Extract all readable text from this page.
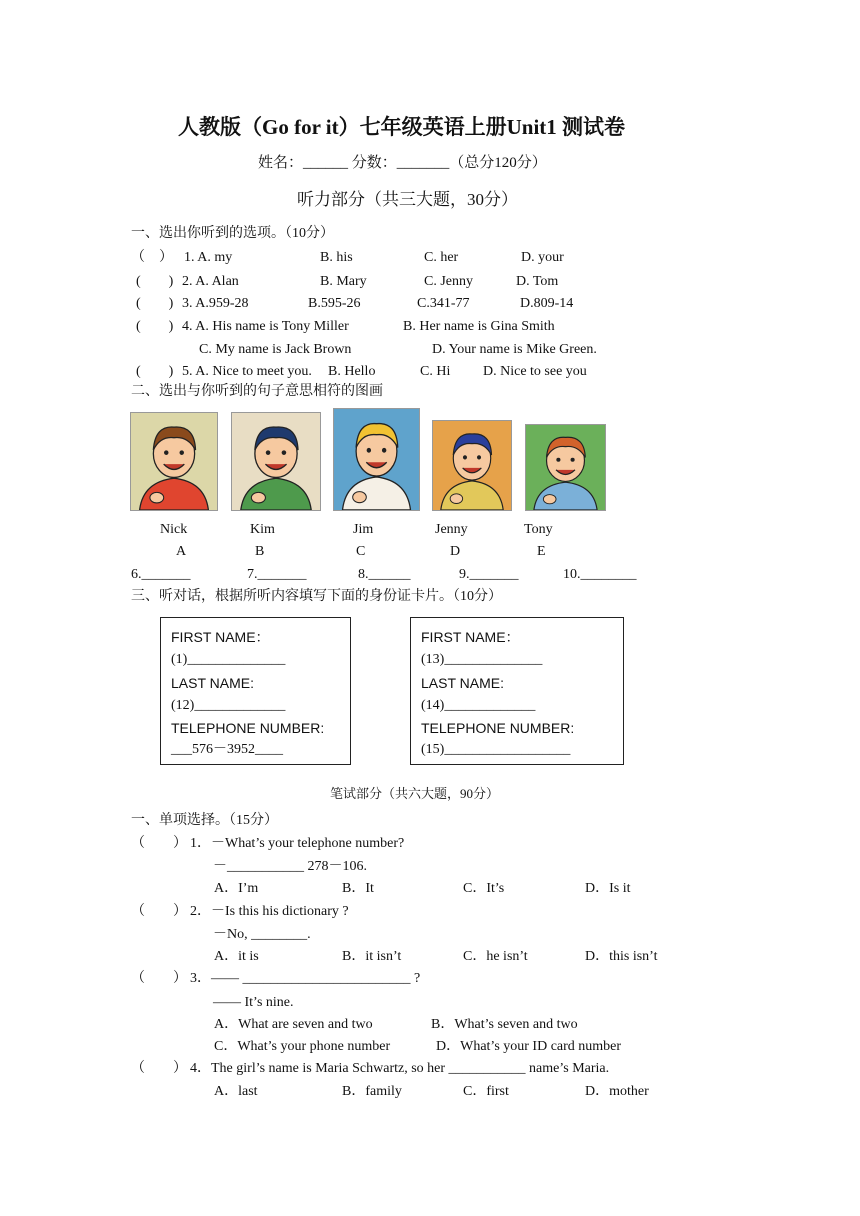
人教版（Go for it）七年级英语上册Unit1 测试卷
姓名：______ 分数：_______（总分120分）
听力部分（共三大题，30分）
一、选出你听到的选项。（10分）
（　） 1. A. my	B. his	C. her	D. your
(　　) 2. A. Alan	B. Mary	C. Jenny	D. Tom
(　　) 3. A.959-28	B.595-26	C.341-77	D.809-14
(　　) 4. A. His name is Tony Miller	B. Her name is Gina Smith
C. My name is Jack Brown	D. Your name is Mike Green.
(　　) 5. A. Nice to meet you. B. Hello	C. Hi D. Nice to see you
二、选出与你听到的句子意思相符的图画
Nick
A
Kim
B
Jim
C
Jenny
D
Tony
E
6._______	7._______	8.______	9._______	10.________
三、听对话，根据所听内容填写下面的身份证卡片。（10分）
FIRST NAME：
(1)______________
LAST NAME:
(12)_____________
TELEPHONE NUMBER:
___576－3952____
FIRST NAME：
(13)______________
LAST NAME:
(14)_____________
TELEPHONE NUMBER:
(15)__________________
笔试部分（共六大题，90分）
一、单项选择。（15分）
（　　） 1．－What’s your telephone number?
－___________ 278－106.
A．I’m	B．It	C．It’s	D．Is it
（　　） 2．－Is this his dictionary ?
－No, ________.
A．it is	B．it isn’t	C．he isn’t	D．this isn’t
（　　） 3．—— ________________________ ?
—— It’s nine.
A．What are seven and two	B．What’s seven and two
C．What’s your phone number	D．What’s your ID card number
（　　） 4．The girl’s name is Maria Schwartz, so her ___________ name’s Maria.
A．last	B．family	C．first	D．mother
